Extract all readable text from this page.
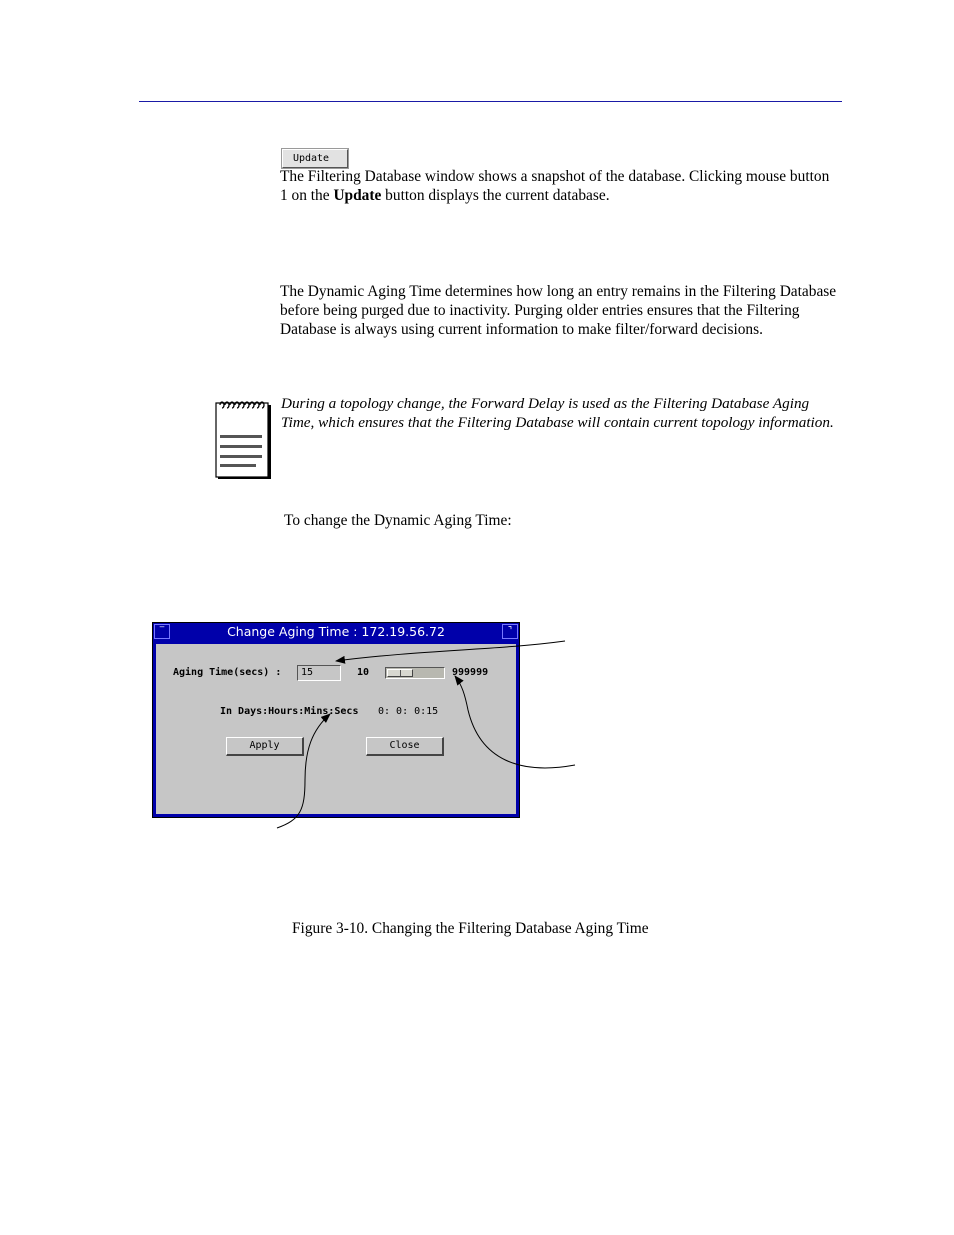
Update

The Filtering Database window shows a snapshot of the database. Clicking mouse button 1 on the Update button displays the current database.

The Dynamic Aging Time determines how long an entry remains in the Filtering Database before being purged due to inactivity. Purging older entries ensures that the Filtering Database is always using current information to make filter/forward decisions.

During a topology change, the Forward Delay is used as the Filtering Database Aging Time, which ensures that the Filtering Database will contain current topology information.

To change the Dynamic Aging Time:

‾	Change Aging Time : 172.19.56.72	⌝
Aging Time(secs) :	15	10	999999
In Days:Hours:Mins:Secs 0: 0: 0:15
Apply	Close
Figure 3-10. Changing the Filtering Database Aging Time
